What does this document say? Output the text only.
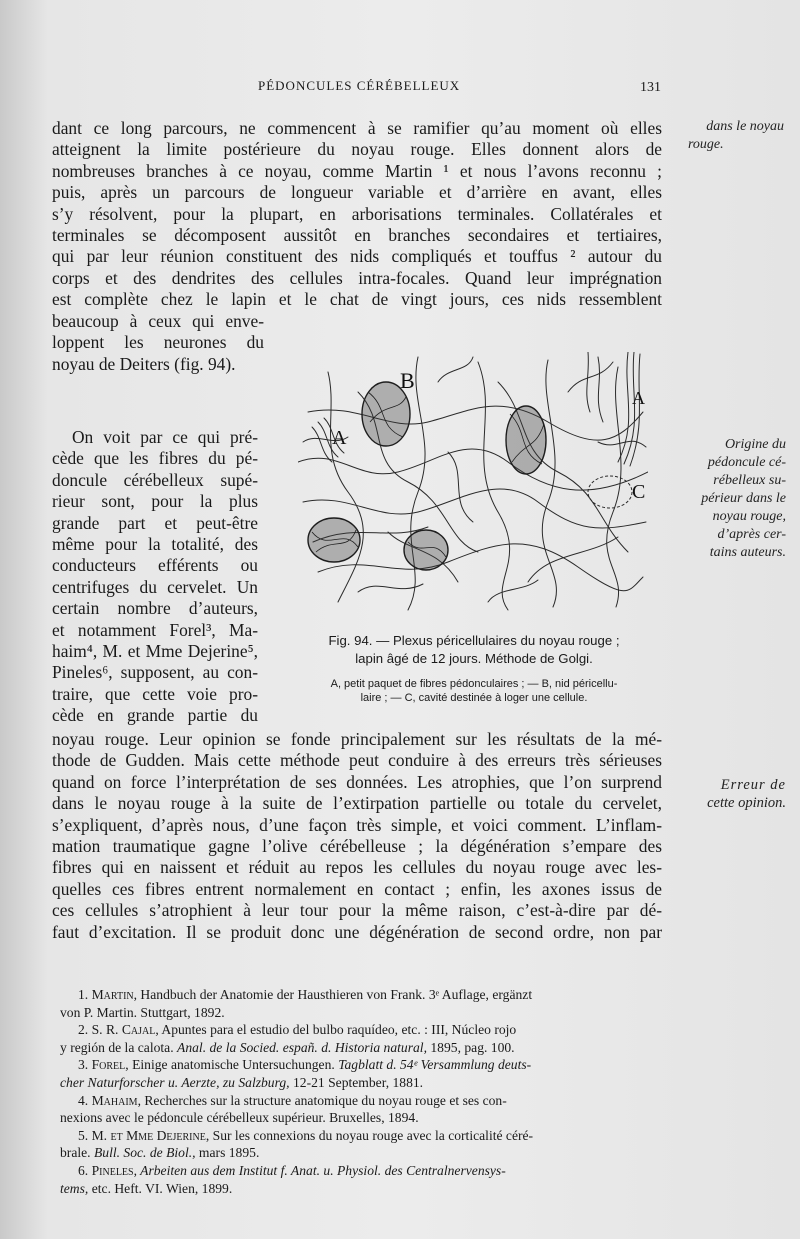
PÉDONCULES CÉRÉBELLEUX	131
dant ce long parcours, ne commencent à se ramifier qu’au moment où elles
atteignent la limite postérieure du noyau rouge. Elles donnent alors de
nombreuses branches à ce noyau, comme Martin ¹ et nous l’avons reconnu ;
puis, après un parcours de longueur variable et d’arrière en avant, elles
s’y résolvent, pour la plupart, en arborisations terminales. Collatérales et
terminales se décomposent aussitôt en branches secondaires et tertiaires,
qui par leur réunion constituent des nids compliqués et touffus ² autour du
corps et des dendrites des cellules intra-focales. Quand leur imprégnation
est complète chez le lapin et le chat de vingt jours, ces nids ressemblent
beaucoup à ceux qui enve-
loppent les neurones du
noyau de Deiters (fig. 94).
On voit par ce qui pré-
cède que les fibres du pé-
doncule cérébelleux supé-
rieur sont, pour la plus
grande part et peut-être
même pour la totalité, des
conducteurs efférents ou
centrifuges du cervelet. Un
certain nombre d’auteurs,
et notamment Forel³, Ma-
haim⁴, M. et Mme Dejerine⁵,
Pineles⁶, supposent, au con-
traire, que cette voie pro-
cède en grande partie du
noyau rouge. Leur opinion se fonde principalement sur les résultats de la mé-
thode de Gudden. Mais cette méthode peut conduire à des erreurs très sérieuses
quand on force l’interprétation de ses données. Les atrophies, que l’on surprend
dans le noyau rouge à la suite de l’extirpation partielle ou totale du cervelet,
s’expliquent, d’après nous, d’une façon très simple, et voici comment. L’inflam-
mation traumatique gagne l’olive cérébelleuse ; la dégénération s’empare des
fibres qui en naissent et réduit au repos les cellules du noyau rouge avec les-
quelles ces fibres entrent normalement en contact ; enfin, les axones issus de
ces cellules s’atrophient à leur tour pour la même raison, c’est-à-dire par dé-
faut d’excitation. Il se produit donc une dégénération de second ordre, non par
dans le noyau
rouge.
Origine du
pédoncule cé-
rébelleux su-
périeur dans le
noyau rouge,
d’après cer-
tains auteurs.
Erreur de
cette opinion.
B
A
A
C
Fig. 94. — Plexus péricellulaires du noyau rouge ;
lapin âgé de 12 jours. Méthode de Golgi.
A, petit paquet de fibres pédonculaires ; — B, nid péricellu-
laire ; — C, cavité destinée à loger une cellule.
1. Martin, Handbuch der Anatomie der Hausthieren von Frank. 3ᵉ Auflage, ergänzt
von P. Martin. Stuttgart, 1892.
2. S. R. Cajal, Apuntes para el estudio del bulbo raquídeo, etc. : III, Núcleo rojo
y región de la calota. Anal. de la Socied. españ. d. Historia natural, 1895, pag. 100.
3. Forel, Einige anatomische Untersuchungen. Tagblatt d. 54ᵉ Versammlung deuts-
cher Naturforscher u. Aerzte, zu Salzburg, 12-21 September, 1881.
4. Mahaim, Recherches sur la structure anatomique du noyau rouge et ses con-
nexions avec le pédoncule cérébelleux supérieur. Bruxelles, 1894.
5. M. et Mme Dejerine, Sur les connexions du noyau rouge avec la corticalité céré-
brale. Bull. Soc. de Biol., mars 1895.
6. Pineles, Arbeiten aus dem Institut f. Anat. u. Physiol. des Centralnervensys-
tems, etc. Heft. VI. Wien, 1899.
